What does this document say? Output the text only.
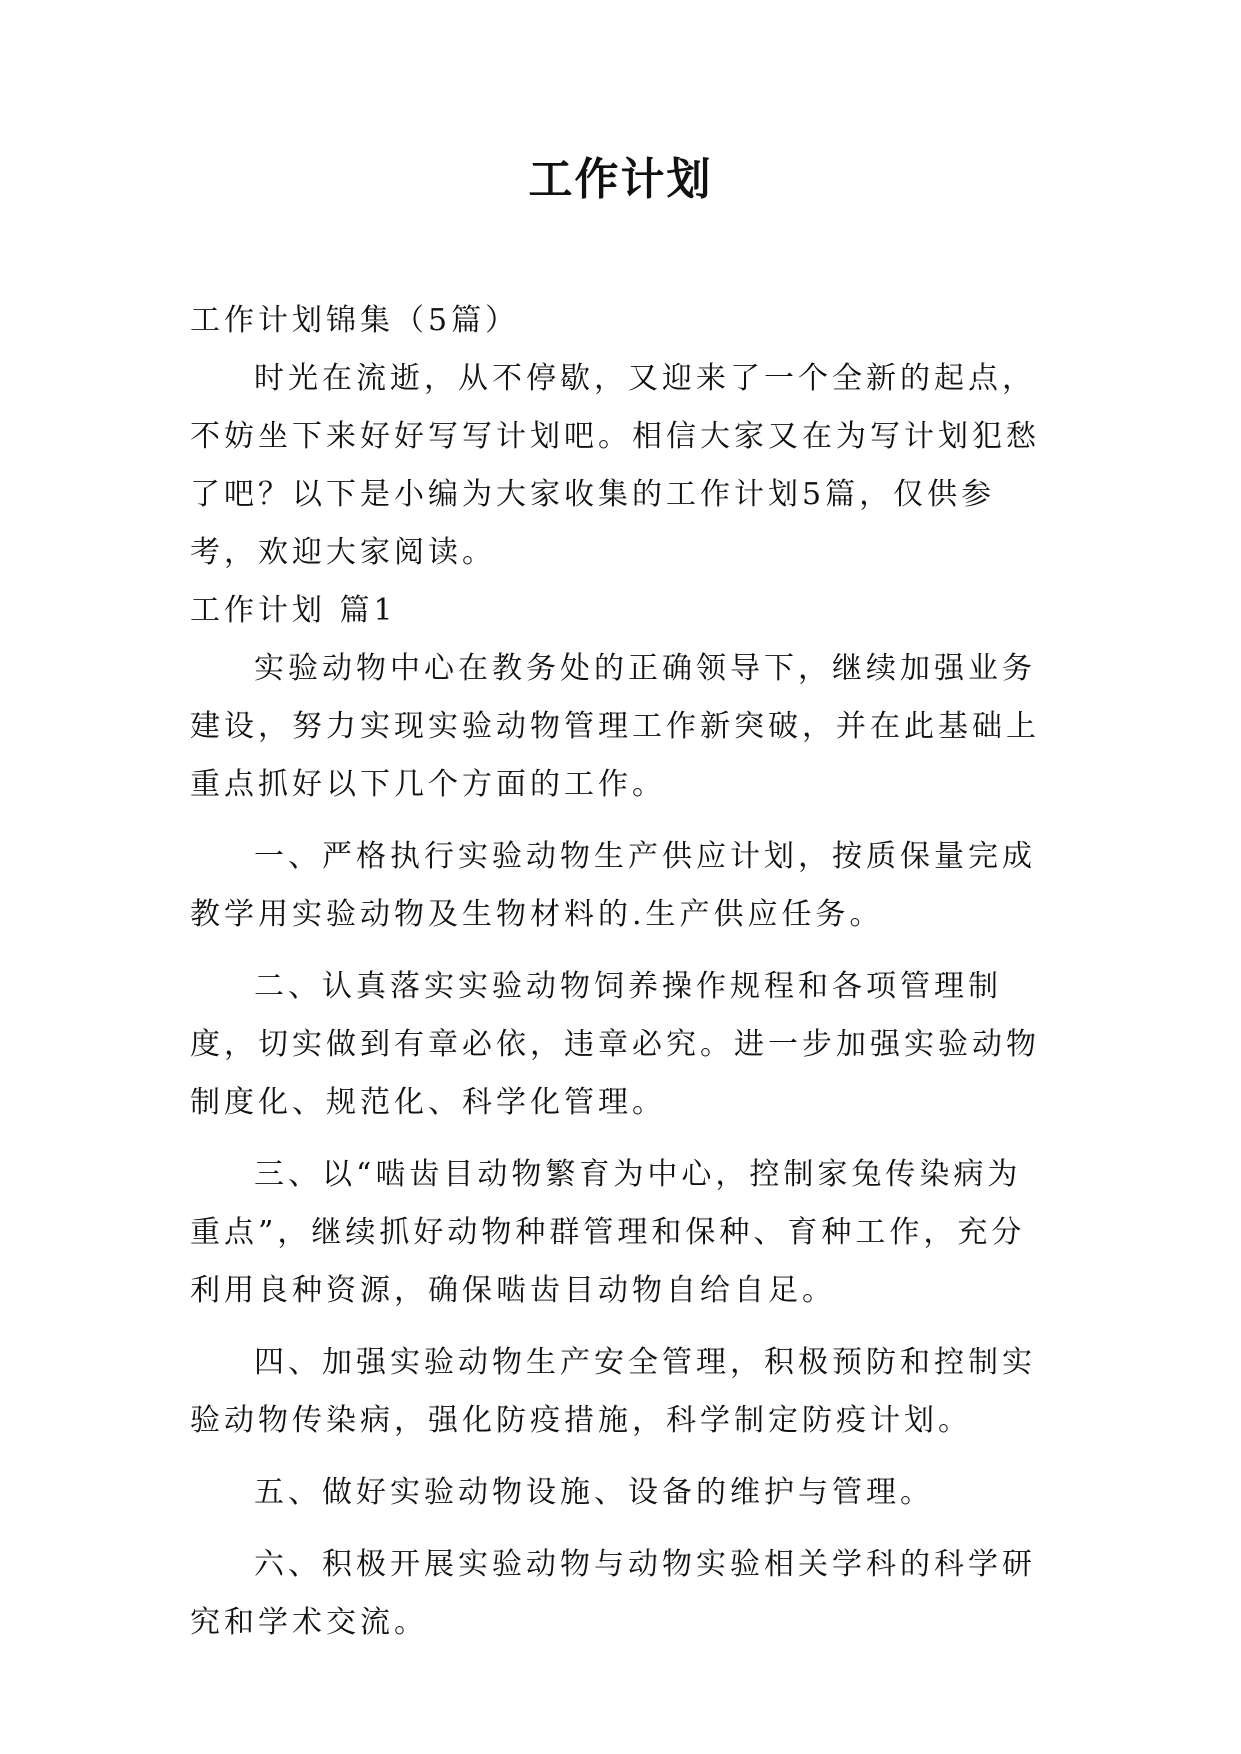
工作计划

工作计划锦集（5篇）

时光在流逝，从不停歇，又迎来了一个全新的起点，不妨坐下来好好写写计划吧。相信大家又在为写计划犯愁了吧？以下是小编为大家收集的工作计划5篇，仅供参考，欢迎大家阅读。

工作计划 篇1

实验动物中心在教务处的正确领导下，继续加强业务建设，努力实现实验动物管理工作新突破，并在此基础上重点抓好以下几个方面的工作。

一、严格执行实验动物生产供应计划，按质保量完成教学用实验动物及生物材料的.生产供应任务。

二、认真落实实验动物饲养操作规程和各项管理制度，切实做到有章必依，违章必究。进一步加强实验动物制度化、规范化、科学化管理。

三、以“啮齿目动物繁育为中心，控制家兔传染病为重点”，继续抓好动物种群管理和保种、育种工作，充分利用良种资源，确保啮齿目动物自给自足。

四、加强实验动物生产安全管理，积极预防和控制实验动物传染病，强化防疫措施，科学制定防疫计划。

五、做好实验动物设施、设备的维护与管理。

六、积极开展实验动物与动物实验相关学科的科学研究和学术交流。
